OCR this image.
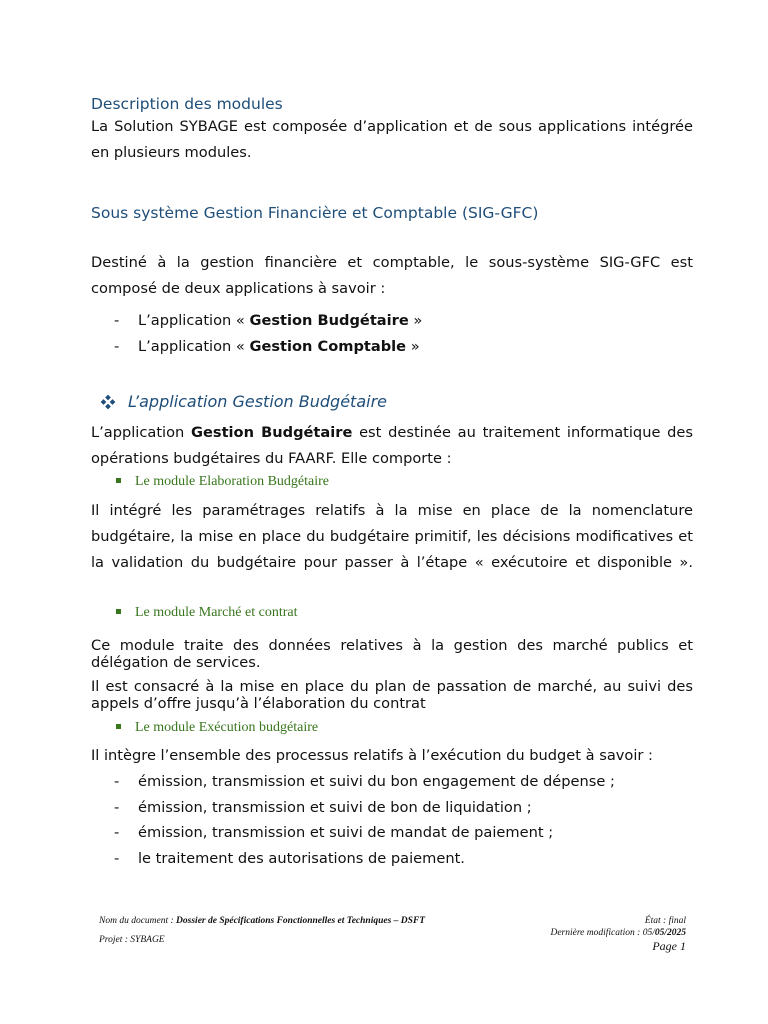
Description des modules

La Solution SYBAGE est composée d’application et de sous applications intégrée en plusieurs modules.

Sous système Gestion Financière et Comptable (SIG-GFC)

Destiné à la gestion financière et comptable, le sous-système SIG-GFC est composé de deux applications à savoir :

- L’application « Gestion Budgétaire »
- L’application « Gestion Comptable »
L’application Gestion Budgétaire

L’application Gestion Budgétaire est destinée au traitement informatique des opérations budgétaires du FAARF. Elle comporte :

Le module Elaboration Budgétaire

Il intégré les paramétrages relatifs à la mise en place de la nomenclature budgétaire, la mise en place du budgétaire primitif, les décisions modificatives et la validation du budgétaire pour passer à l’étape « exécutoire et disponible ».

Le module Marché et contrat

Ce module traite des données relatives à la gestion des marché publics et délégation de services.

Il est consacré à la mise en place du plan de passation de marché, au suivi des appels d’offre jusqu’à l’élaboration du contrat

Le module Exécution budgétaire

Il intègre l’ensemble des processus relatifs à l’exécution du budget à savoir :

- émission, transmission et suivi du bon engagement de dépense ;
- émission, transmission et suivi de bon de liquidation ;
- émission, transmission et suivi de mandat de paiement ;
- le traitement des autorisations de paiement.
Nom du document : Dossier de Spécifications Fonctionnelles et Techniques – DSFT
Projet : SYBAGE
État : final
Dernière modification : 05/05/2025
Page 1
